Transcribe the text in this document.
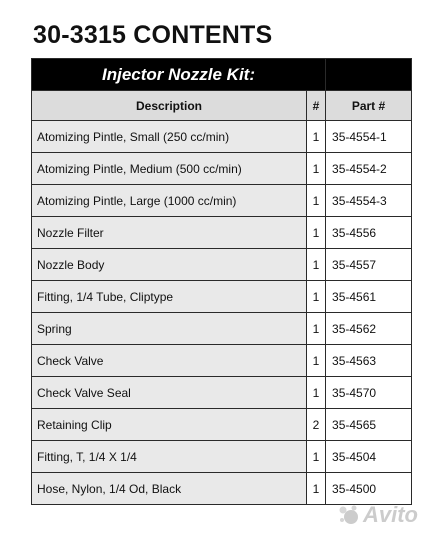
30-3315 CONTENTS
Injector Nozzle Kit:		
Description	#	Part #
Atomizing Pintle, Small (250 cc/min)	1	35-4554-1
Atomizing Pintle, Medium (500 cc/min)	1	35-4554-2
Atomizing Pintle, Large (1000 cc/min)	1	35-4554-3
Nozzle Filter	1	35-4556
Nozzle Body	1	35-4557
Fitting, 1/4 Tube, Cliptype	1	35-4561
Spring	1	35-4562
Check Valve	1	35-4563
Check Valve Seal	1	35-4570
Retaining Clip	2	35-4565
Fitting, T, 1/4 X 1/4	1	35-4504
Hose, Nylon, 1/4 Od, Black	1	35-4500
Avito
